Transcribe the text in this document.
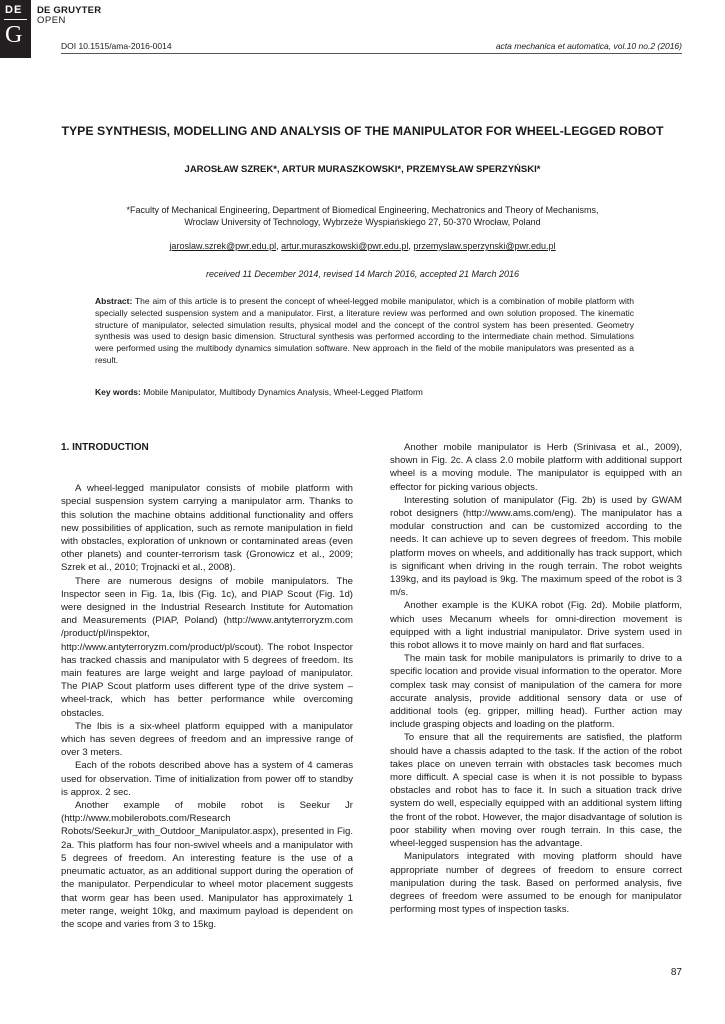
DE
G
DE GRUYTER
OPEN
DOI 10.1515/ama-2016-0014	acta mechanica et automatica, vol.10 no.2 (2016)
TYPE SYNTHESIS, MODELLING AND ANALYSIS OF THE MANIPULATOR FOR WHEEL-LEGGED ROBOT
JAROSŁAW SZREK*, ARTUR MURASZKOWSKI*, PRZEMYSŁAW SPERZYŃSKI*
*Faculty of Mechanical Engineering, Department of Biomedical Engineering, Mechatronics and Theory of Mechanisms,
Wroclaw University of Technology, Wybrzeże Wyspiańskiego 27, 50-370 Wrocław, Poland
jaroslaw.szrek@pwr.edu.pl, artur.muraszkowski@pwr.edu.pl, przemyslaw.sperzynski@pwr.edu.pl
received 11 December 2014, revised 14 March 2016, accepted 21 March 2016
Abstract: The aim of this article is to present the concept of wheel-legged mobile manipulator, which is a combination of mobile platform with specially selected suspension system and a manipulator. First, a literature review was performed and own solution proposed. The kinematic structure of manipulator, selected simulation results, physical model and the concept of the control system has been presented. Geometry synthesis was used to design basic dimension. Structural synthesis was performed according to the intermediate chain method. Simulations were performed using the multibody dynamics simulation software. New approach in the field of the mobile manipulators was presented as a result.
Key words: Mobile Manipulator, Multibody Dynamics Analysis, Wheel-Legged Platform

1. INTRODUCTION

A wheel-legged manipulator consists of mobile platform with special suspension system carrying a manipulator arm. Thanks to this solution the machine obtains additional functionality and offers new possibilities of application, such as remote manipulation in field with obstacles, exploration of unknown or contaminated areas (even other planets) and counter-terrorism task (Gronowicz et al., 2009; Szrek et al., 2010; Trojnacki et al., 2008).

There are numerous designs of mobile manipulators. The Inspector seen in Fig. 1a, Ibis (Fig. 1c), and PIAP Scout (Fig. 1d) were designed in the Industrial Research Institute for Automation and Measurements (PIAP, Poland) (http://www.antyterroryzm.com /product/pl/inspektor, http://www.antyterroryzm.com/product/pl/scout). The robot Inspector has tracked chassis and manipulator with 5 degrees of freedom. Its main features are large weight and large payload of manipulator. The PIAP Scout platform uses different type of the drive system – wheel-track, which has better performance while overcoming obstacles.

The Ibis is a six-wheel platform equipped with a manipulator which has seven degrees of freedom and an impressive range of over 3 meters.

Each of the robots described above has a system of 4 cameras used for observation. Time of initialization from power off to standby is approx. 2 sec.

Another example of mobile robot is Seekur Jr (http://www.mobilerobots.com/Research Robots/SeekurJr_with_Outdoor_Manipulator.aspx), presented in Fig. 2a. This platform has four non-swivel wheels and a manipulator with 5 degrees of freedom. An interesting feature is the use of a pneumatic actuator, as an additional support during the operation of the manipulator. Perpendicular to wheel motor placement suggests that worm gear has been used. Manipulator has approximately 1 meter range, weight 10kg, and maximum payload is dependent on the scope and varies from 3 to 15kg.

Another mobile manipulator is Herb (Srinivasa et al., 2009), shown in Fig. 2c. A class 2.0 mobile platform with additional support wheel is a moving module. The manipulator is equipped with an effector for picking various objects.

Interesting solution of manipulator (Fig. 2b) is used by GWAM robot designers (http://www.ams.com/eng). The manipulator has a modular construction and can be customized according to the needs. It can achieve up to seven degrees of freedom. This mobile platform moves on wheels, and additionally has track support, which is significant when driving in the rough terrain. The robot weights 139kg, and its payload is 9kg. The maximum speed of the robot is 3 m/s.

Another example is the KUKA robot (Fig. 2d). Mobile platform, which uses Mecanum wheels for omni-direction movement is equipped with a light industrial manipulator. Drive system used in this robot allows it to move mainly on hard and flat surfaces.

The main task for mobile manipulators is primarily to drive to a specific location and provide visual information to the operator. More complex task may consist of manipulation of the camera for more accurate analysis, provide additional sensory data or use of additional tools (eg. gripper, milling head). Further action may include grasping objects and loading on the platform.

To ensure that all the requirements are satisfied, the platform should have a chassis adapted to the task. If the action of the robot takes place on uneven terrain with obstacles task becomes much more difficult. A special case is when it is not possible to bypass obstacles and robot has to face it. In such a situation track drive system do well, especially equipped with an additional system lifting the front of the robot. However, the major disadvantage of solution is poor stability when moving over rough terrain. In this case, the wheel-legged suspension has the advantage.

Manipulators integrated with moving platform should have appropriate number of degrees of freedom to ensure correct manipulation during the task. Based on performed analysis, five degrees of freedom were assumed to be enough for manipulator performing most types of inspection tasks.

87
